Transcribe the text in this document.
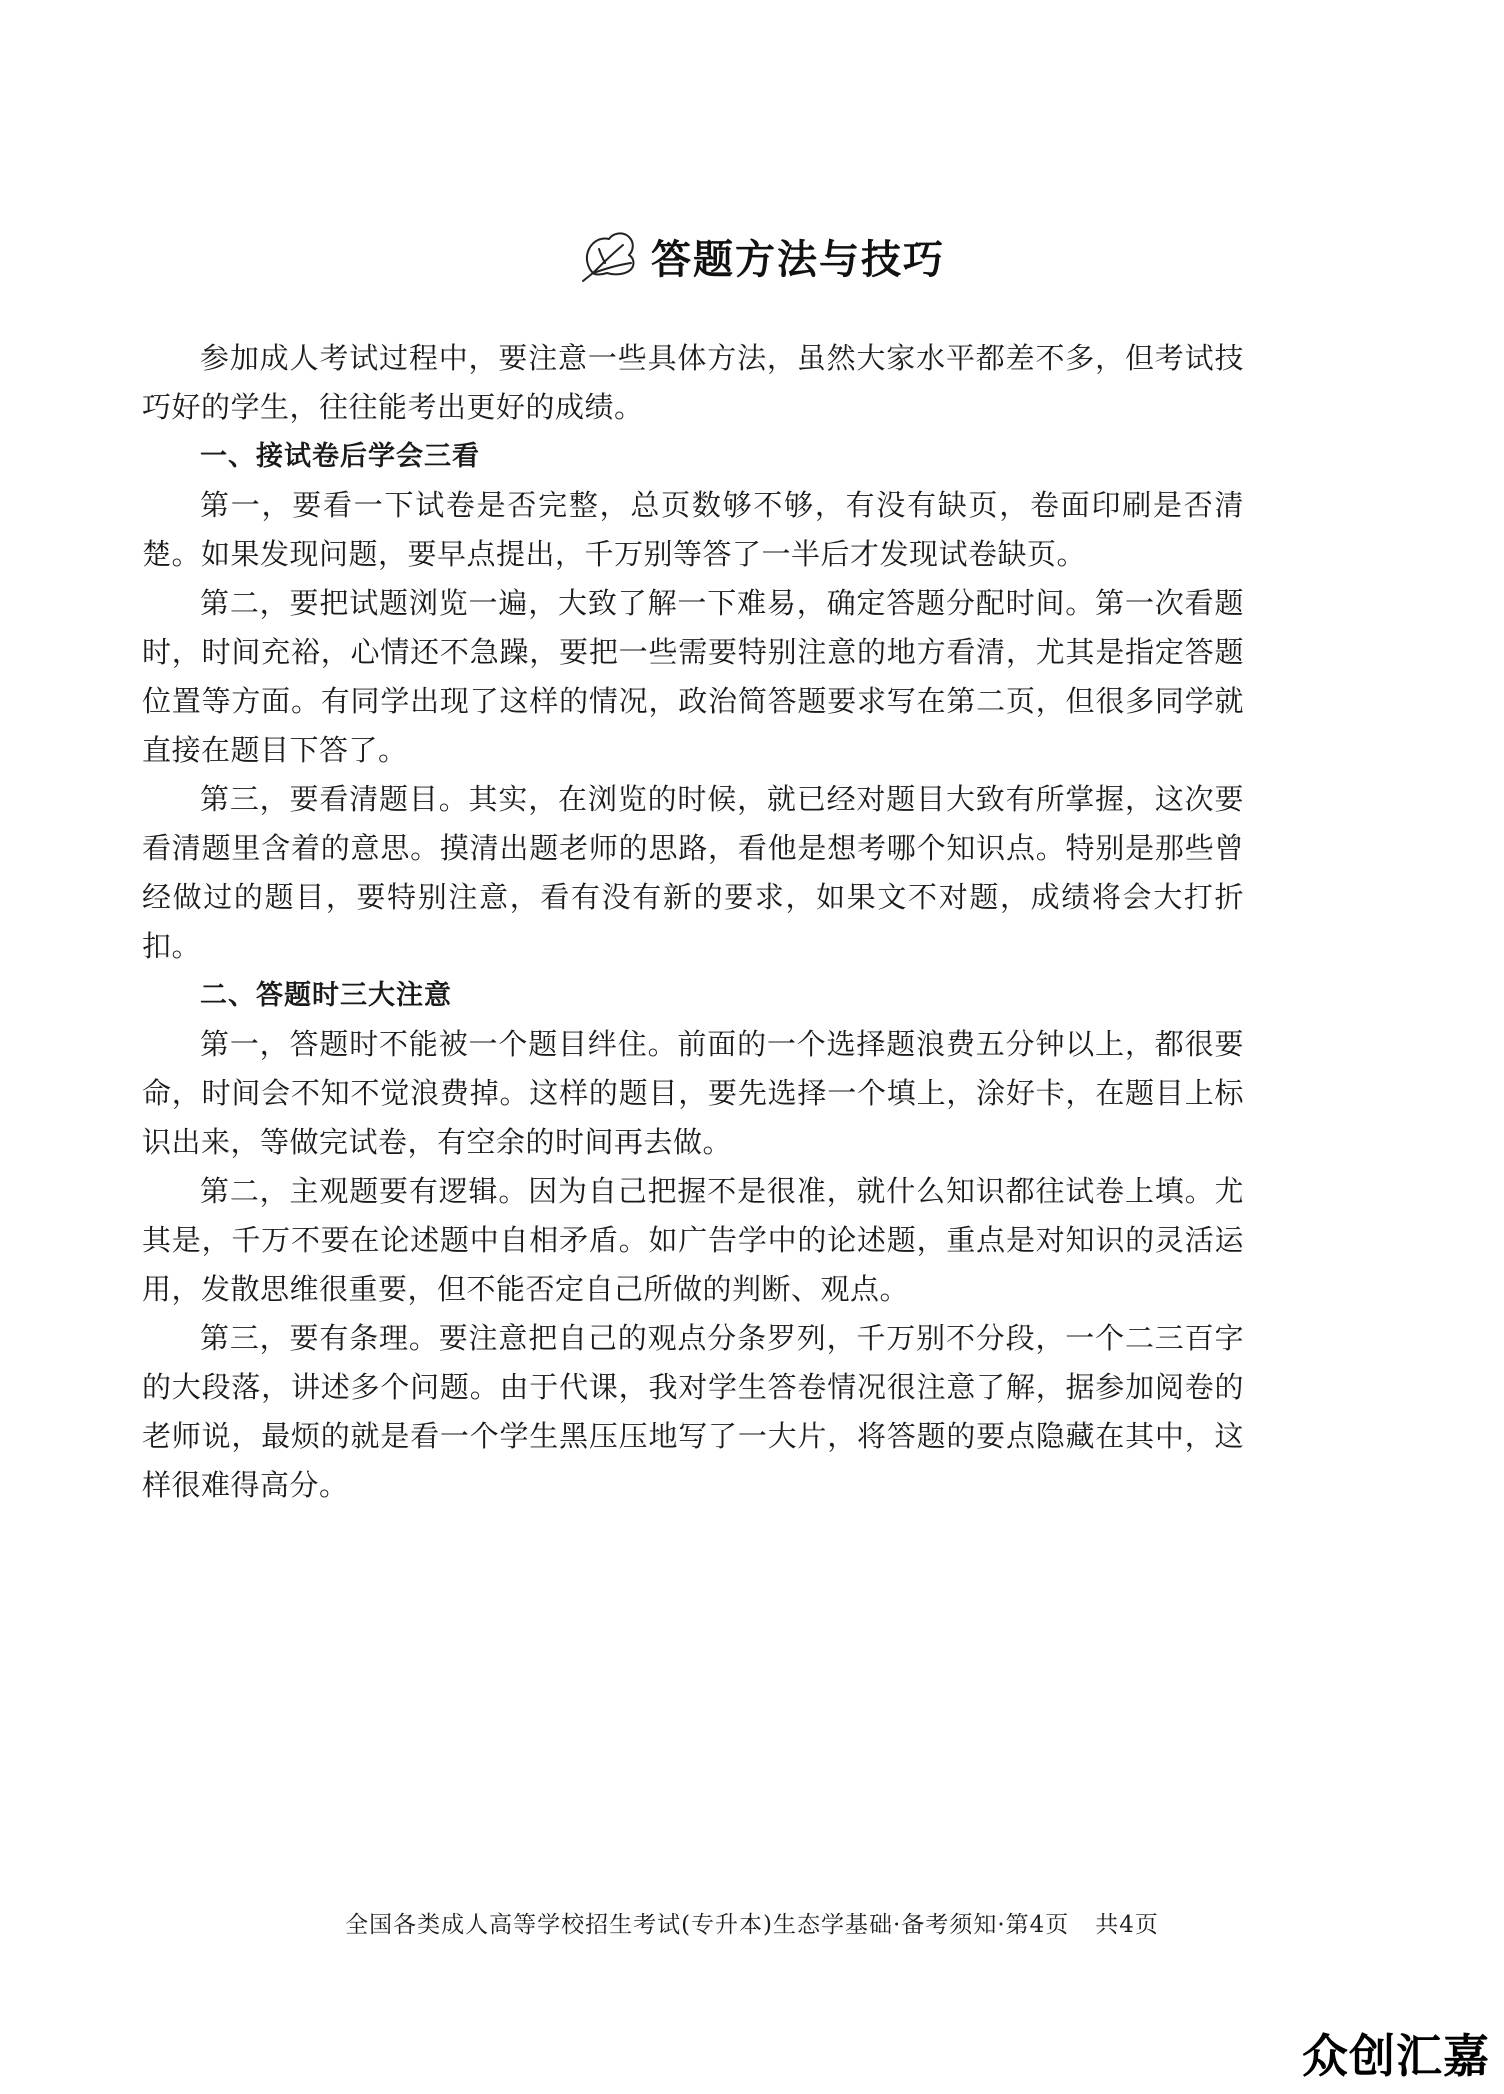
答题方法与技巧

参加成人考试过程中，要注意一些具体方法，虽然大家水平都差不多，但考试技巧好的学生，往往能考出更好的成绩。

一、接试卷后学会三看

第一，要看一下试卷是否完整，总页数够不够，有没有缺页，卷面印刷是否清楚。如果发现问题，要早点提出，千万别等答了一半后才发现试卷缺页。

第二，要把试题浏览一遍，大致了解一下难易，确定答题分配时间。第一次看题时，时间充裕，心情还不急躁，要把一些需要特别注意的地方看清，尤其是指定答题位置等方面。有同学出现了这样的情况，政治简答题要求写在第二页，但很多同学就直接在题目下答了。

第三，要看清题目。其实，在浏览的时候，就已经对题目大致有所掌握，这次要看清题里含着的意思。摸清出题老师的思路，看他是想考哪个知识点。特别是那些曾经做过的题目，要特别注意，看有没有新的要求，如果文不对题，成绩将会大打折扣。

二、答题时三大注意

第一，答题时不能被一个题目绊住。前面的一个选择题浪费五分钟以上，都很要命，时间会不知不觉浪费掉。这样的题目，要先选择一个填上，涂好卡，在题目上标识出来，等做完试卷，有空余的时间再去做。

第二，主观题要有逻辑。因为自己把握不是很准，就什么知识都往试卷上填。尤其是，千万不要在论述题中自相矛盾。如广告学中的论述题，重点是对知识的灵活运用，发散思维很重要，但不能否定自己所做的判断、观点。

第三，要有条理。要注意把自己的观点分条罗列，千万别不分段，一个二三百字的大段落，讲述多个问题。由于代课，我对学生答卷情况很注意了解，据参加阅卷的老师说，最烦的就是看一个学生黑压压地写了一大片，将答题的要点隐藏在其中，这样很难得高分。

全国各类成人高等学校招生考试(专升本)生态学基础·备考须知·第4页 共4页
众创汇嘉
